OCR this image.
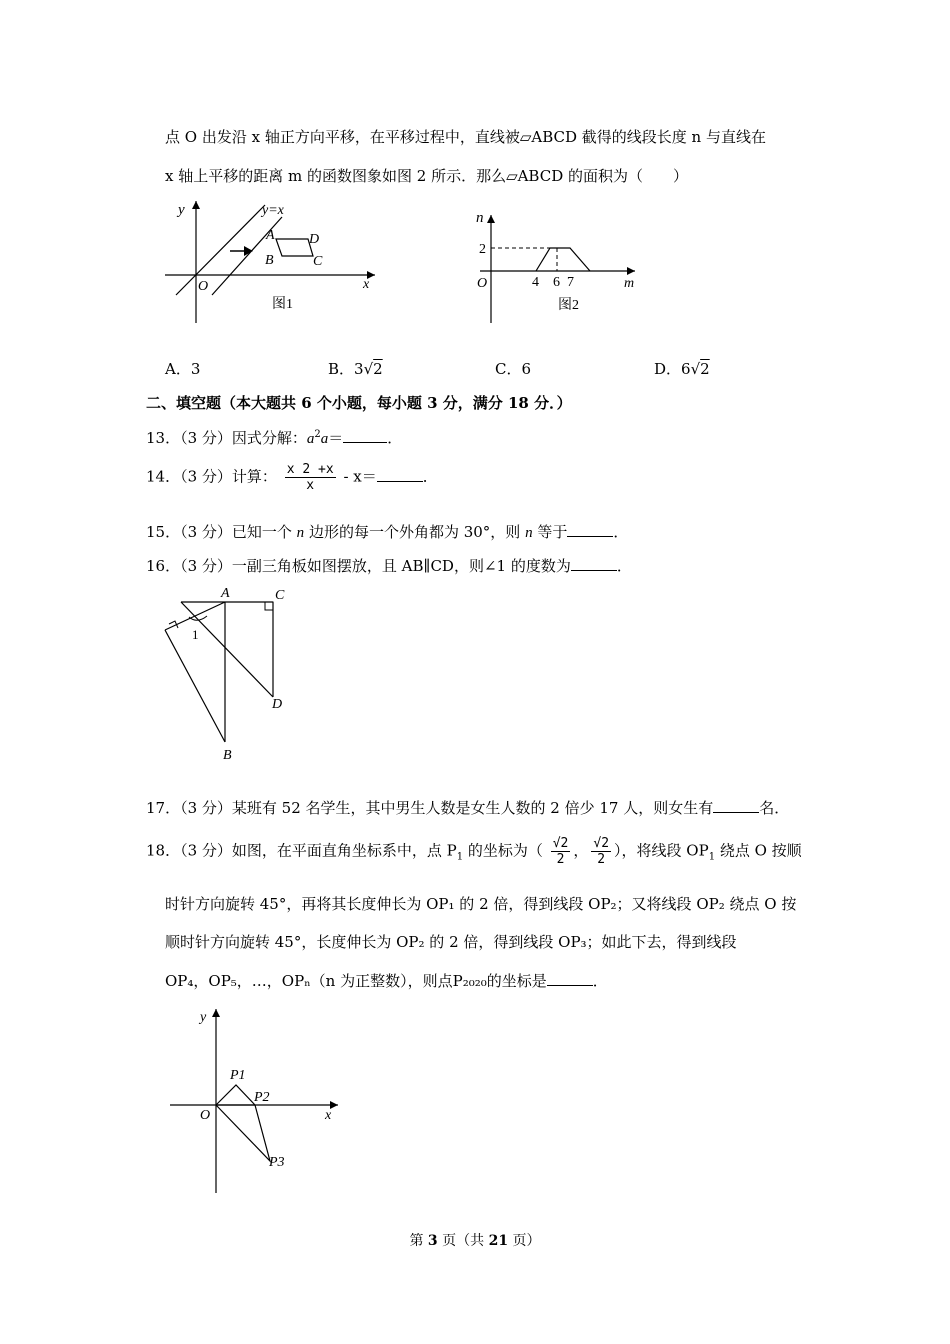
点 O 出发沿 x 轴正方向平移，在平移过程中，直线被▱ABCD 截得的线段长度 n 与直线在
x 轴上平移的距离 m 的函数图象如图 2 所示．那么▱ABCD 的面积为（　　）
y	y=x
A D
B	C
O	x
图1
n
2
O	4 6 7	m
图2
A．3	B．3√2	C．6	D．6√2
二、填空题（本大题共 6 个小题，每小题 3 分，满分 18 分．）
13．（3 分）因式分解：$a^2a=$	．
14．（3 分）计算： $\frac{x 2 +x}{x} - x=$	．
15．（3 分）已知一个 n 边形的每一个外角都为 30°，则 n 等于	．
16．（3 分）一副三角板如图摆放，且 AB∥CD，则∠1 的度数为	．
A	C
D
B
1
17．（3 分）某班有 52 名学生，其中男生人数是女生人数的 2 倍少 17 人，则女生有	名．
18．（3 分）如图，在平面直角坐标系中，点 $P_1$ 的坐标为（ $\frac{√2}{2}$ ， $\frac{√2}{2}$ ），将线段 $OP_1$ 绕点 O 按顺
时针方向旋转 45°，再将其长度伸长为 OP₁ 的 2 倍，得到线段 OP₂；又将线段 OP₂ 绕点 O 按
顺时针方向旋转 45°，长度伸长为 OP₂ 的 2 倍，得到线段 OP₃；如此下去，得到线段
OP₄，OP₅，…，OPₙ（n 为正整数），则点P₂₀₂₀的坐标是	．
y
x
O
P1
P2
P3
第 3 页（共 21 页）
